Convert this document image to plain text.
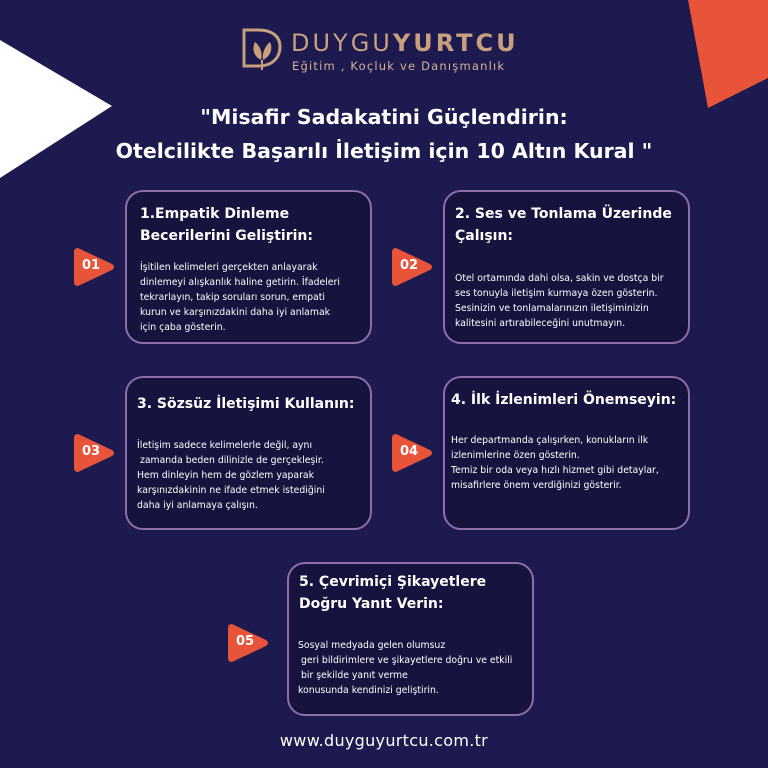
DUYGUYURTCU
Eğitim , Koçluk ve Danışmanlık
"Misafir Sadakatini Güçlendirin:
Otelcilikte Başarılı İletişim için 10 Altın Kural "
1.Empatik Dinleme
Becerilerini Geliştirin:
İşitilen kelimeleri gerçekten anlayarak
dinlemeyi alışkanlık haline getirin. İfadeleri
tekrarlayın, takip soruları sorun, empati
kurun ve karşınızdakini daha iyi anlamak
için çaba gösterin.
01
2. Ses ve Tonlama Üzerinde
Çalışın:
Otel ortamında dahi olsa, sakin ve dostça bir
ses tonuyla iletişim kurmaya özen gösterin.
Sesinizin ve tonlamalarınızın iletişiminizin
kalitesini artırabileceğini unutmayın.
02
3. Sözsüz İletişimi Kullanın:
İletişim sadece kelimelerle değil, aynı
zamanda beden dilinizle de gerçekleşir.
Hem dinleyin hem de gözlem yaparak
karşınızdakinin ne ifade etmek istediğini
daha iyi anlamaya çalışın.
03
4. İlk İzlenimleri Önemseyin:
Her departmanda çalışırken, konukların ilk
izlenimlerine özen gösterin.
Temiz bir oda veya hızlı hizmet gibi detaylar,
misafirlere önem verdiğinizi gösterir.
04
5. Çevrimiçi Şikayetlere
Doğru Yanıt Verin:
Sosyal medyada gelen olumsuz
geri bildirimlere ve şikayetlere doğru ve etkili
bir şekilde yanıt verme
konusunda kendinizi geliştirin.
05
www.duyguyurtcu.com.tr
